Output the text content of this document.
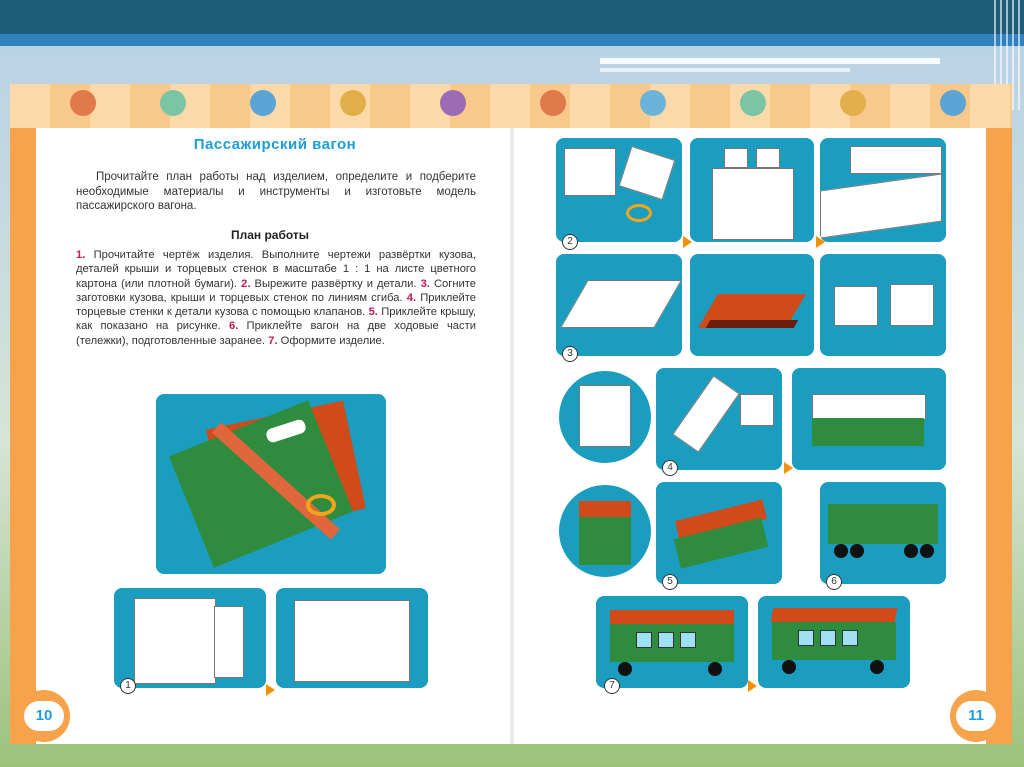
Пассажирский вагон

Прочитайте план работы над изделием, определите и подберите необходимые материалы и инструменты и изготовьте модель пассажирского вагона.

План работы

1. Прочитайте чертёж изделия. Выполните чертежи развёртки кузова, деталей крыши и торцевых стенок в масштабе 1 : 1 на листе цветного картона (или плотной бумаги). 2. Вырежите развёртку и детали. 3. Согните заготовки кузова, крыши и торцевых стенок по линиям сгиба. 4. Приклейте торцевые стенки к детали кузова с помощью клапанов. 5. Приклейте крышу, как показано на рисунке. 6. Приклейте вагон на две ходовые части (тележки), подготовленные заранее. 7. Оформите изделие.

1
10
2
3
4
5	6
7
11
